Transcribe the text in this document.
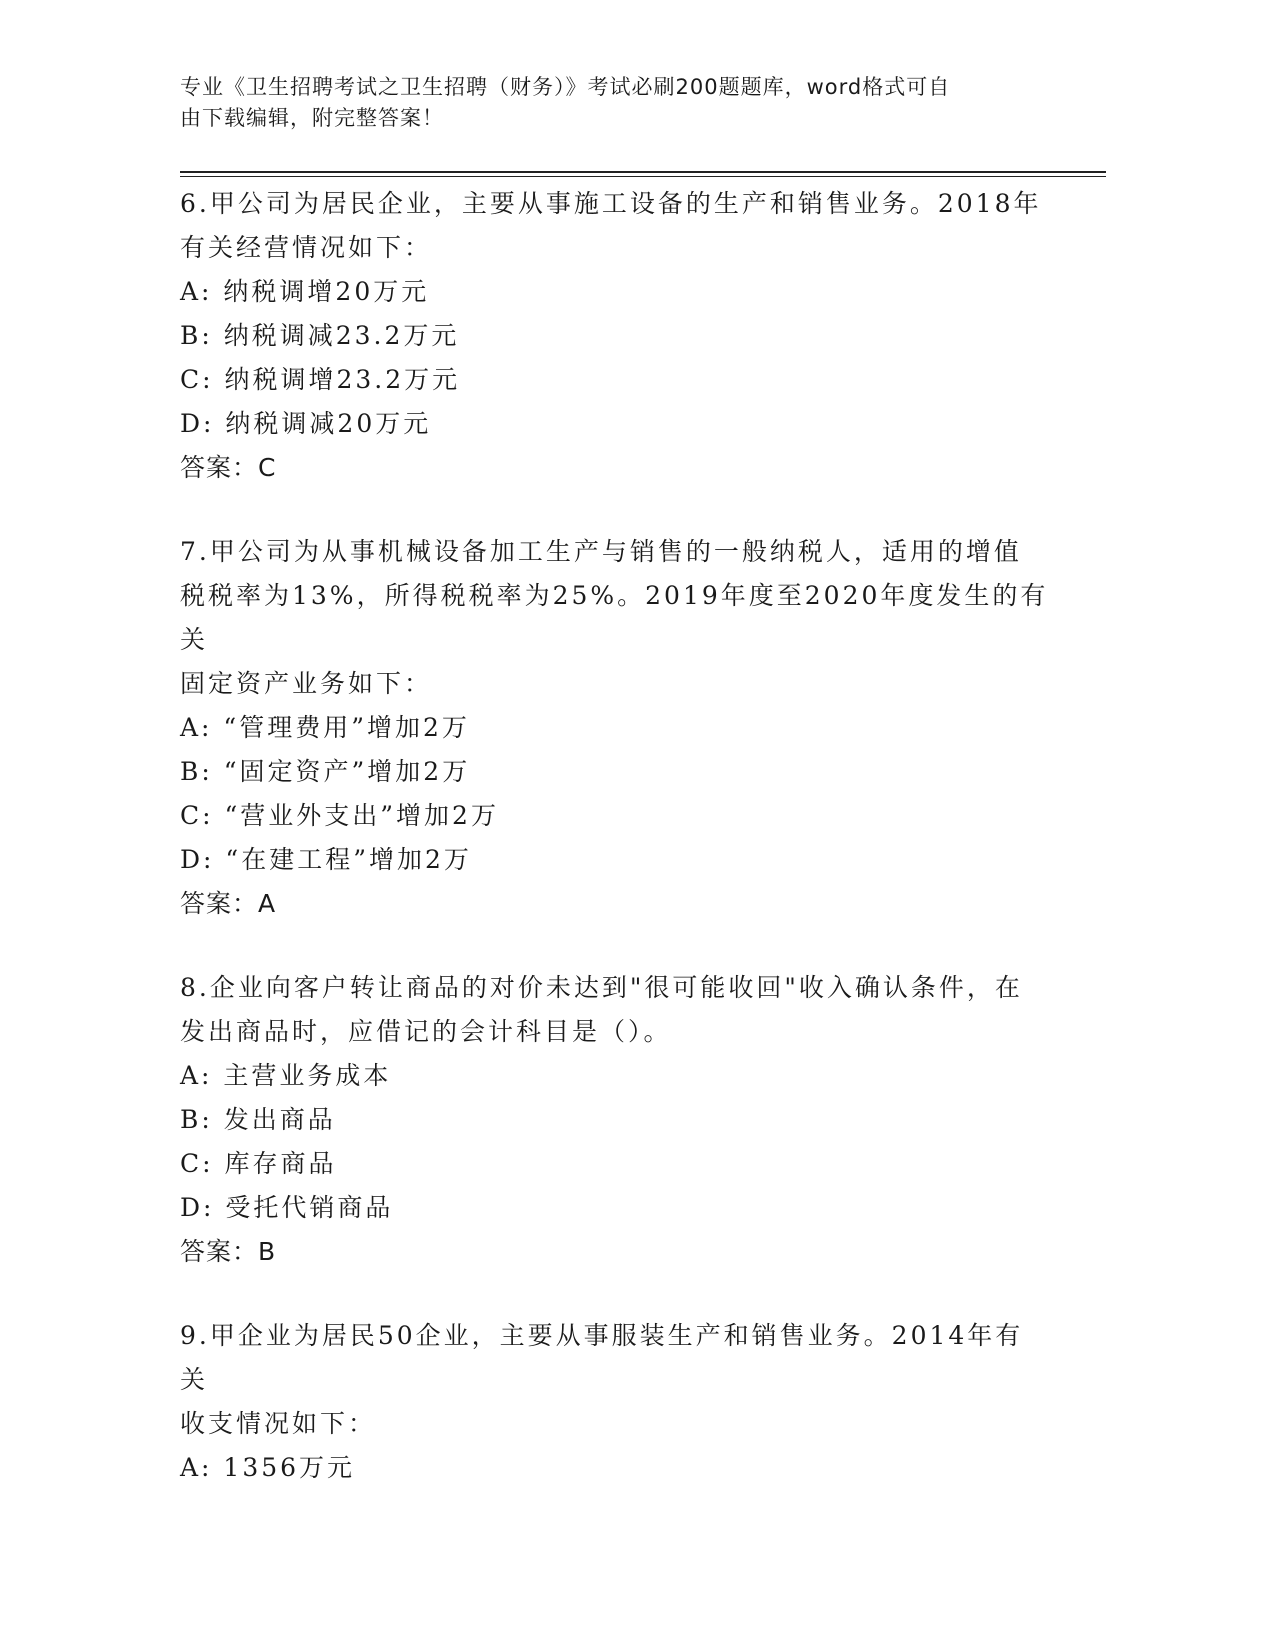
专业《卫生招聘考试之卫生招聘（财务）》考试必刷200题题库，word格式可自
由下载编辑，附完整答案！
6.甲公司为居民企业，主要从事施工设备的生产和销售业务。2018年
有关经营情况如下：
A: 纳税调增20万元
B: 纳税调减23.2万元
C: 纳税调增23.2万元
D: 纳税调减20万元
答案：C
7.甲公司为从事机械设备加工生产与销售的一般纳税人，适用的增值
税税率为13%，所得税税率为25%。2019年度至2020年度发生的有关
固定资产业务如下：
A: “管理费用”增加2万
B: “固定资产”增加2万
C: “营业外支出”增加2万
D: “在建工程”增加2万
答案：A
8.企业向客户转让商品的对价未达到"很可能收回"收入确认条件，在
发出商品时，应借记的会计科目是（）。
A: 主营业务成本
B: 发出商品
C: 库存商品
D: 受托代销商品
答案：B
9.甲企业为居民50企业，主要从事服装生产和销售业务。2014年有关
收支情况如下：
A: 1356万元
